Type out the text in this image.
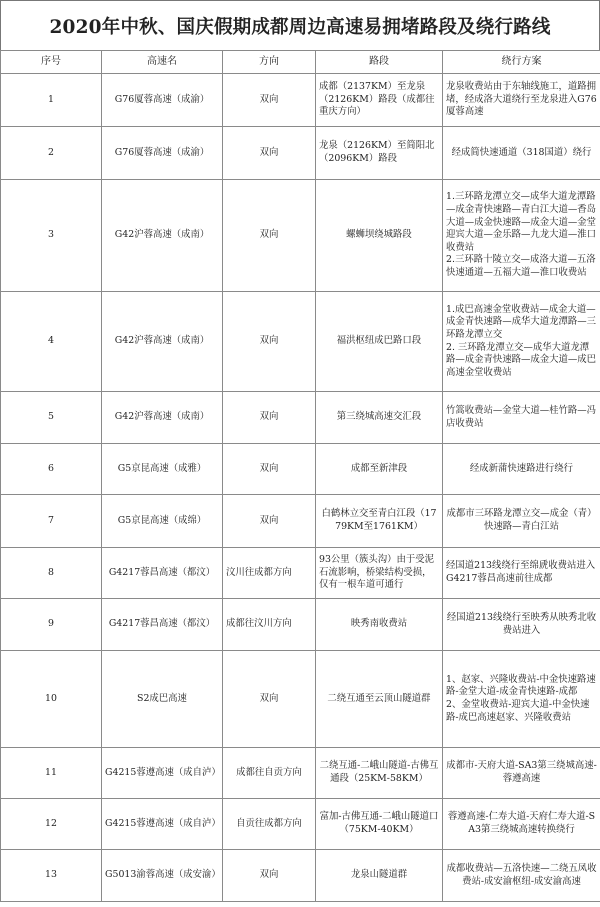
2020年中秋、国庆假期成都周边高速易拥堵路段及绕行路线
序号	高速名	方向	路段	绕行方案
1	G76厦蓉高速（成渝）	双向	成都（2137KM）至龙泉（2126KM）路段（成都往重庆方向）	龙泉收费站由于东轴线施工，道路拥堵，经成洛大道绕行至龙泉进入G76厦蓉高速
2	G76厦蓉高速（成渝）	双向	龙泉（2126KM）至简阳北（2096KM）路段	经成简快速通道（318国道）绕行
3	G42沪蓉高速（成南）	双向	螺蛳坝绕城路段	1.三环路龙潭立交—成华大道龙潭路—成金青快速路—青白江大道—香岛大道—成金快速路—成金大道—金堂迎宾大道—金乐路—九龙大道—淮口收费站
2.三环路十陵立交—成洛大道—五洛快速通道—五福大道—淮口收费站
4	G42沪蓉高速（成南）	双向	福洪枢纽成巴路口段	1.成巴高速金堂收费站—成金大道—成金青快速路—成华大道龙潭路—三环路龙潭立交
2. 三环路龙潭立交—成华大道龙潭路—成金青快速路—成金大道—成巴高速金堂收费站
5	G42沪蓉高速（成南）	双向	第三绕城高速交汇段	竹篙收费站—金堂大道—桂竹路—冯店收费站
6	G5京昆高速（成雅）	双向	成都至新津段	经成新蒲快速路进行绕行
7	G5京昆高速（成绵）	双向	白鹤林立交至青白江段（1779KM至1761KM）	成都市三环路龙潭立交—成金（青）快速路—青白江站
8	G4217蓉昌高速（都汶）	汶川往成都方向	93公里（簇头沟）由于受泥石流影响，桥梁结构受损，仅有一根车道可通行	经国道213线绕行至绵虒收费站进入G4217蓉昌高速前往成都
9	G4217蓉昌高速（都汶）	成都往汶川方向	映秀南收费站	经国道213线绕行至映秀从映秀北收费站进入
10	S2成巴高速	双向	二绕互通至云顶山隧道群	1、赵家、兴隆收费站-中金快速路速路-金堂大道-成金青快速路-成都
2、金堂收费站-迎宾大道-中金快速路-成巴高速赵家、兴隆收费站
11	G4215蓉遵高速（成自泸）	成都往自贡方向	二绕互通-二峨山隧道-古佛互通段（25KM-58KM）	成都市-天府大道-SA3第三绕城高速-蓉遵高速
12	G4215蓉遵高速（成自泸）	自贡往成都方向	富加-古佛互通-二峨山隧道口（75KM-40KM）	蓉遵高速-仁寿大道-天府仁寿大道-SA3第三绕城高速转换绕行
13	G5013渝蓉高速（成安渝）	双向	龙泉山隧道群	成都收费站—五洛快速—二绕五凤收费站-成安渝枢纽-成安渝高速
